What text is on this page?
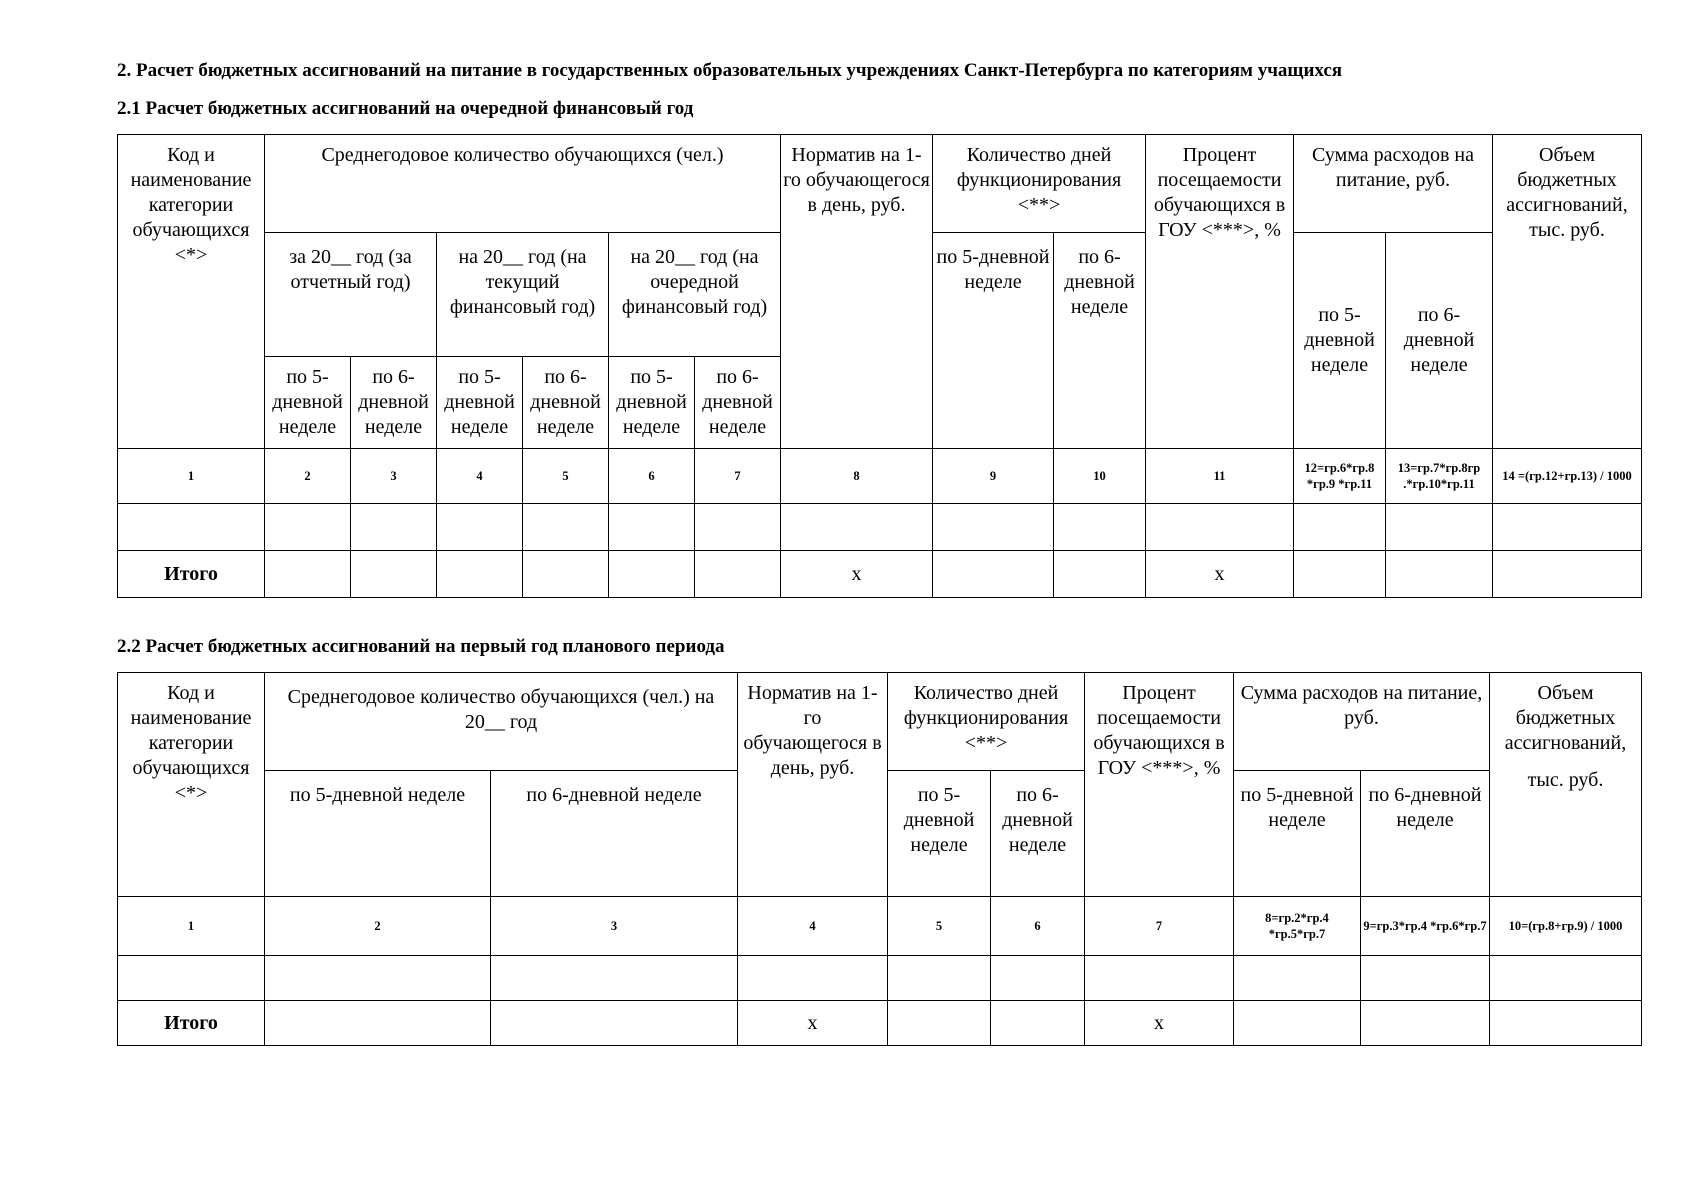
2. Расчет бюджетных ассигнований на питание в государственных образовательных учреждениях Санкт-Петербурга по категориям учащихся

2.1 Расчет бюджетных ассигнований на очередной финансовый год

Код и наименование категории обучающихся <*>	Среднегодовое количество обучающихся (чел.)						Норматив на 1-го обучающегося в день, руб.	Количество дней функционирования <**>		Процент посещаемости обучающихся в ГОУ <***>, %	Сумма расходов на питание, руб.		Объем бюджетных ассигнований, тыс. руб.
	за 20__ год (за отчетный год)		на 20__ год (на текущий финансовый год)		на 20__ год (на очередной финансовый год)			по 5-дневной неделе	по 6-дневной неделе		по 5-дневной неделе	по 6-дневной неделе	
	по 5-дневной неделе	по 6-дневной неделе	по 5-дневной неделе	по 6-дневной неделе	по 5-дневной неделе	по 6-дневной неделе							
1	2	3	4	5	6	7	8	9	10	11	12=гр.6*гр.8 *гр.9 *гр.11	13=гр.7*гр.8гр .*гр.10*гр.11	14 =(гр.12+гр.13) / 1000

Итого							х			х			

2.2 Расчет бюджетных ассигнований на первый год планового периода

Код и наименование категории обучающихся <*>	Среднегодовое количество обучающихся (чел.) на 20__ год		Норматив на 1-го обучающегося в день, руб.	Количество дней функционирования <**>		Процент посещаемости обучающихся в ГОУ <***>, %	Сумма расходов на питание, руб.		Объем бюджетных ассигнований,
тыс. руб.

	по 5-дневной неделе	по 6-дневной неделе		по 5-дневной неделе	по 6-дневной неделе		по 5-дневной неделе	по 6-дневной неделе	
1	2	3	4	5	6	7	8=гр.2*гр.4 *гр.5*гр.7	9=гр.3*гр.4 *гр.6*гр.7	10=(гр.8+гр.9) / 1000

Итого			х			х			
